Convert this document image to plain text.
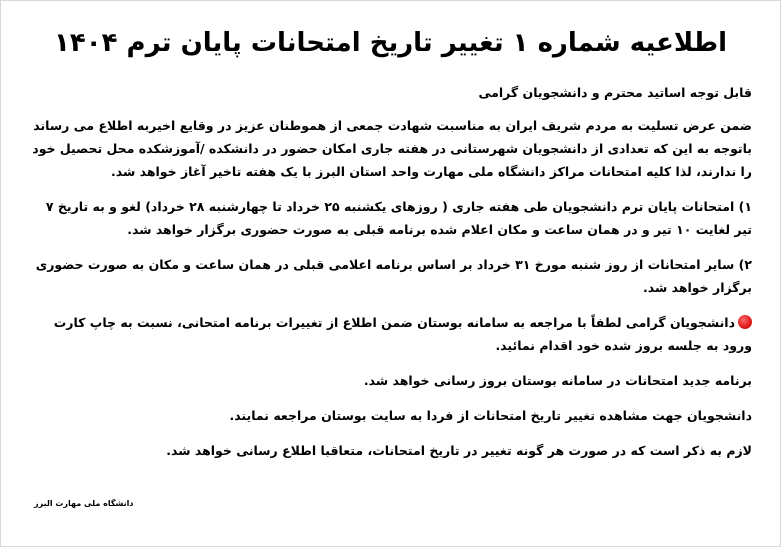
اطلاعیه شماره ۱ تغییر تاریخ امتحانات پایان ترم ۱۴۰۴

قابل توجه اساتید محترم و دانشجویان گرامی

ضمن عرض تسلیت به مردم شریف ایران به مناسبت شهادت جمعی از هموطنان عزیز در وقایع اخیربه اطلاع می رساند باتوجه به این که تعدادی از دانشجویان شهرستانی در هفته جاری امکان حضور در دانشکده /آموزشکده محل تحصیل خود را ندارند، لذا کلیه امتحانات مراکز دانشگاه ملی مهارت واحد استان البرز با یک هفته تاخیر آغاز خواهد شد.

۱) امتحانات پایان ترم دانشجویان طی هفته جاری ( روزهای یکشنبه ۲۵ خرداد تا چهارشنبه ۲۸ خرداد) لغو و به تاریخ ۷ تیر لغایت ۱۰ تیر و در همان ساعت و مکان اعلام شده برنامه قبلی به صورت حضوری برگزار خواهد شد.

۲) سایر امتحانات از روز شنبه مورخ ۳۱ خرداد بر اساس برنامه اعلامی قبلی در همان ساعت و مکان به صورت حضوری برگزار خواهد شد.

دانشجویان گرامی لطفاً با مراجعه به سامانه بوستان ضمن اطلاع از تغییرات برنامه امتحانی، نسبت به چاپ کارت ورود به جلسه بروز شده خود اقدام نمائید.

برنامه جدید امتحانات در سامانه بوستان بروز رسانی خواهد شد.

دانشجویان جهت مشاهده تغییر تاریخ امتحانات از فردا به سایت بوستان مراجعه نمایند.

لازم به ذکر است که در صورت هر گونه تغییر در تاریخ امتحانات، متعاقبا اطلاع رسانی خواهد شد.

دانشگاه ملی مهارت البرز
